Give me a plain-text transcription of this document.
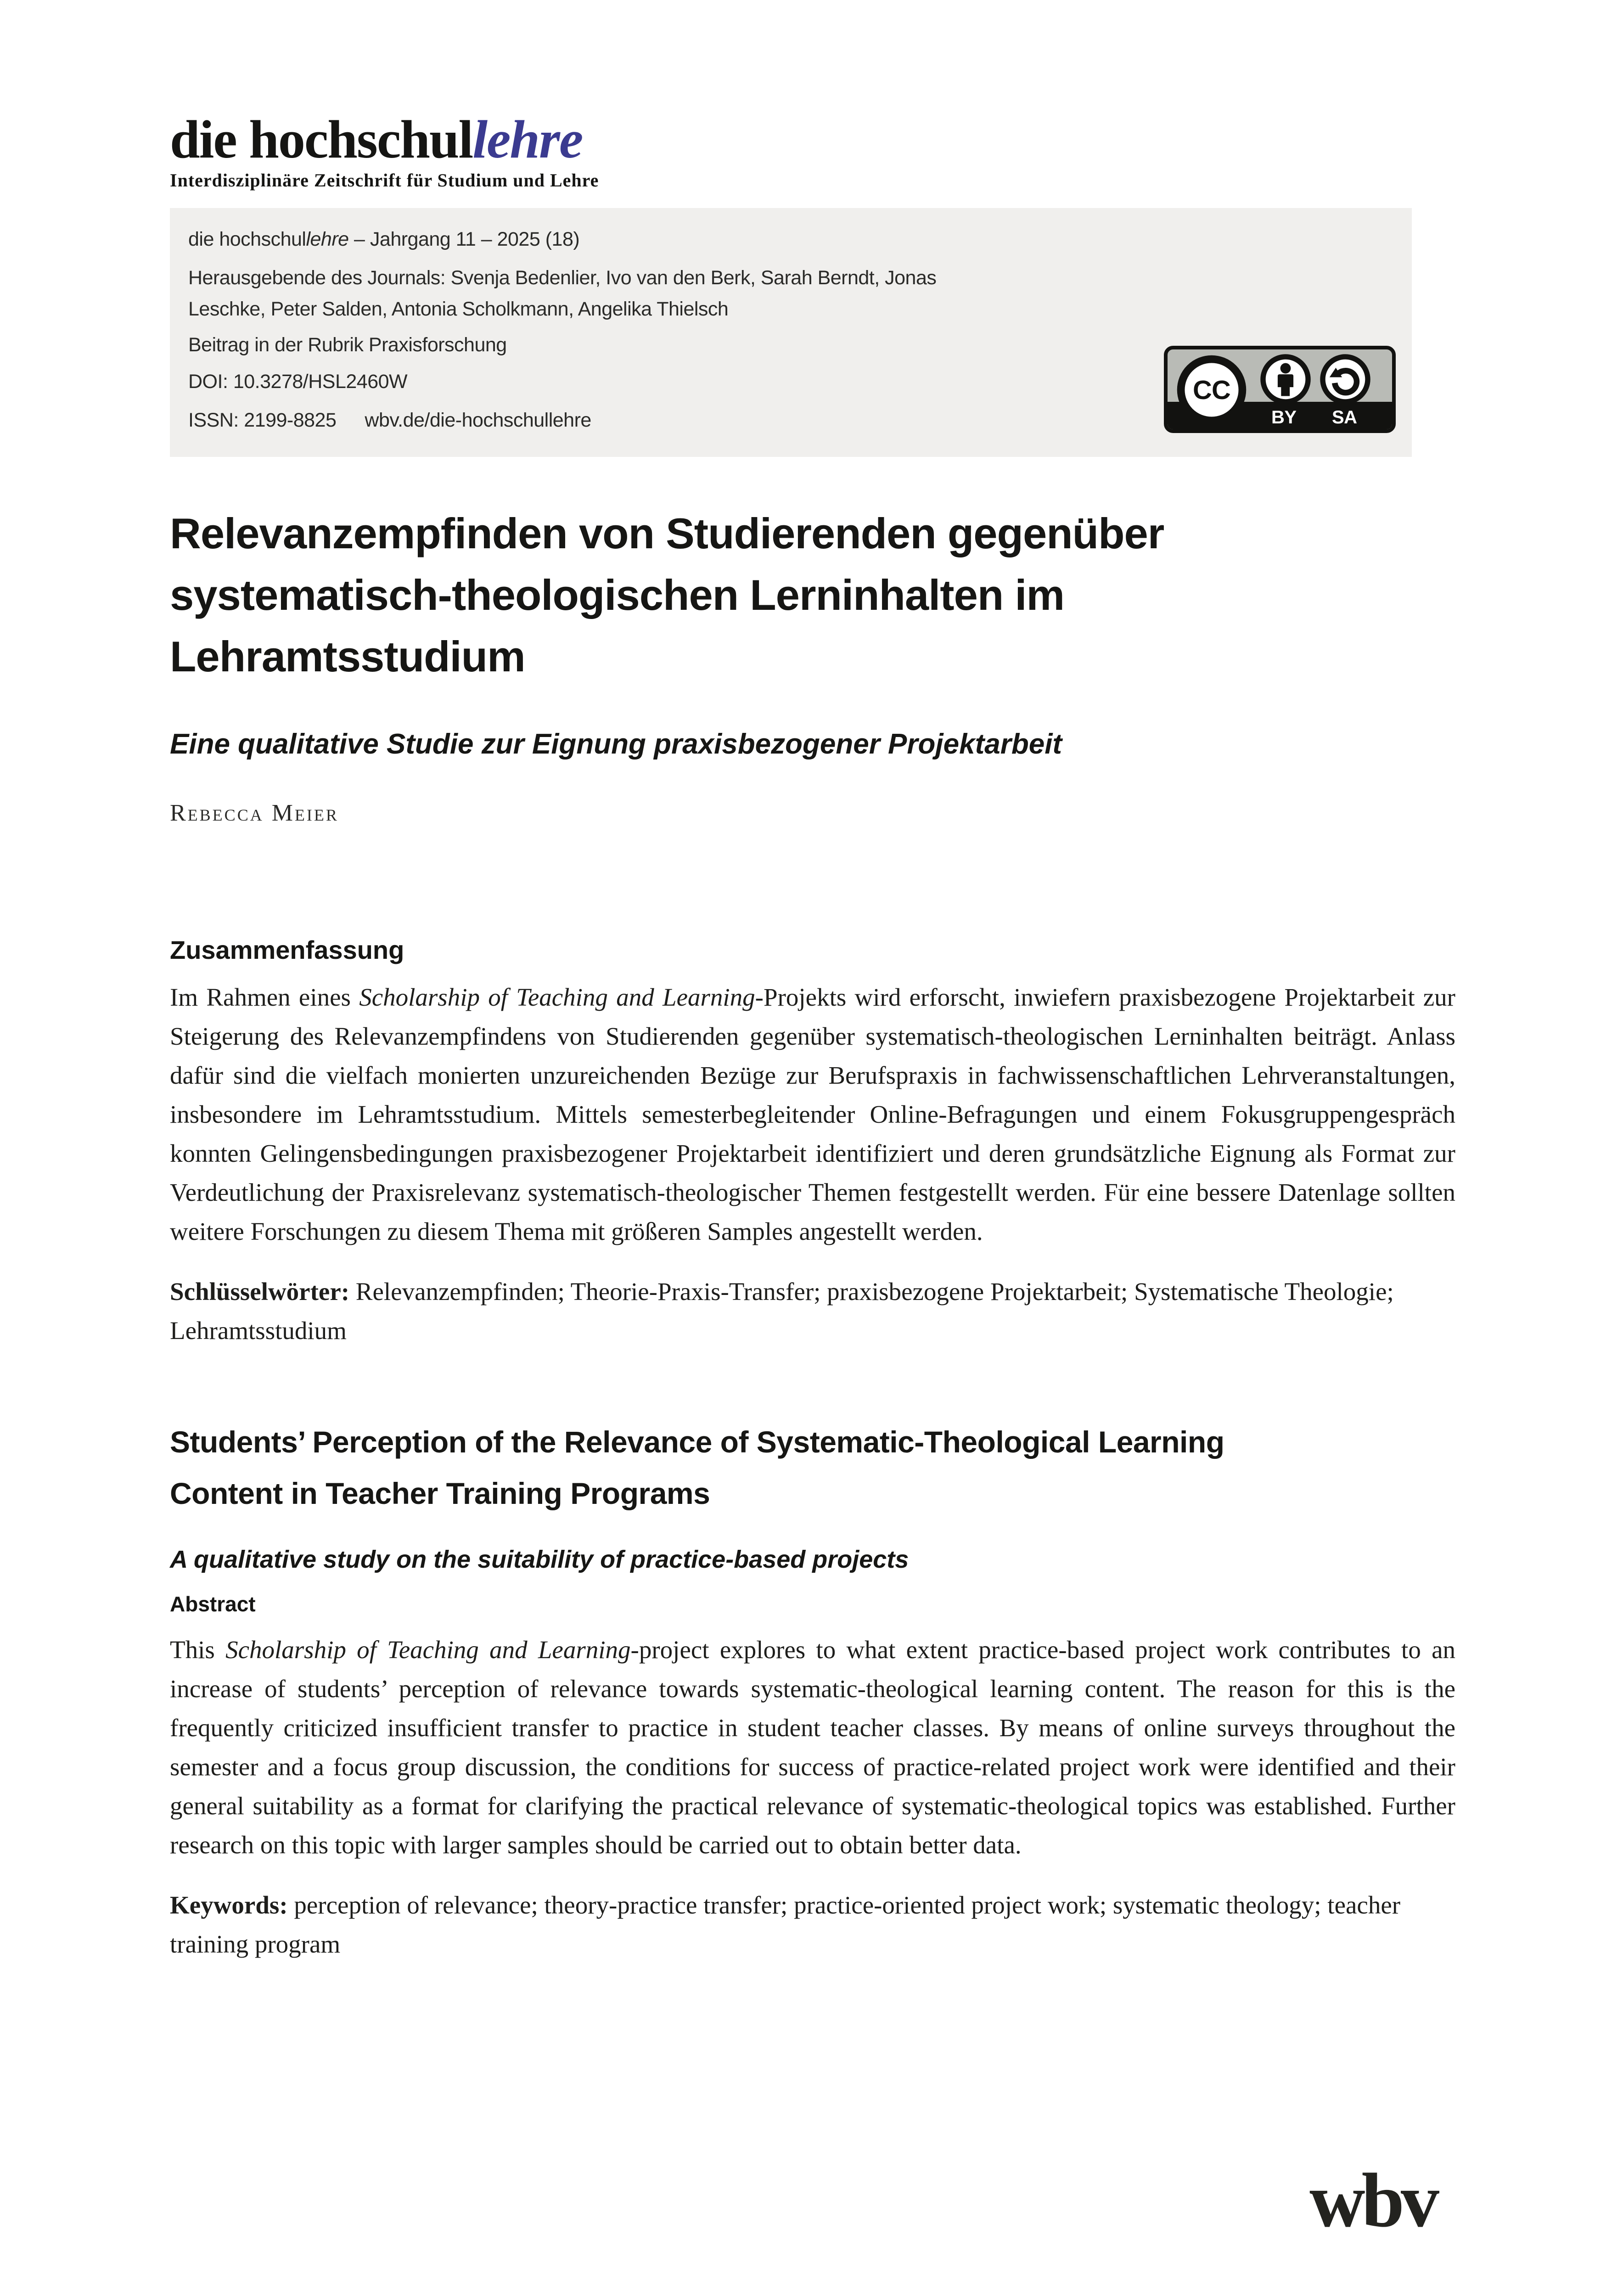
die hochschullehre
Interdisziplinäre Zeitschrift für Studium und Lehre
die hochschullehre – Jahrgang 11 – 2025 (18)
Herausgebende des Journals: Svenja Bedenlier, Ivo van den Berk, Sarah Berndt, Jonas Leschke, Peter Salden, Antonia Scholkmann, Angelika Thielsch
Beitrag in der Rubrik Praxisforschung
DOI: 10.3278/HSL2460W
ISSN: 2199-8825 wbv.de/die-hochschullehre
CC
BY SA
Relevanzempfinden von Studierenden gegenüber
systematisch-theologischen Lerninhalten im
Lehramtsstudium
Eine qualitative Studie zur Eignung praxisbezogener Projektarbeit
Rebecca Meier
Zusammenfassung

Im Rahmen eines Scholarship of Teaching and Learning-Projekts wird erforscht, inwiefern praxisbezogene Projektarbeit zur Steigerung des Relevanzempfindens von Studierenden gegenüber systematisch-theologischen Lerninhalten beiträgt. Anlass dafür sind die vielfach monierten unzureichenden Bezüge zur Berufspraxis in fachwissenschaftlichen Lehrveranstaltungen, insbesondere im Lehramtsstudium. Mittels semesterbegleitender Online-Befragungen und einem Fokusgruppengespräch konnten Gelingensbedingungen praxisbezogener Projektarbeit identifiziert und deren grundsätzliche Eignung als Format zur Verdeutlichung der Praxisrelevanz systematisch-theologischer Themen festgestellt werden. Für eine bessere Datenlage sollten weitere Forschungen zu diesem Thema mit größeren Samples angestellt werden.

Schlüsselwörter: Relevanzempfinden; Theorie-Praxis-Transfer; praxisbezogene Projektarbeit; Systematische Theologie; Lehramtsstudium

Students’ Perception of the Relevance of Systematic-Theological Learning
Content in Teacher Training Programs
A qualitative study on the suitability of practice-based projects
Abstract

This Scholarship of Teaching and Learning-project explores to what extent practice-based project work contributes to an increase of students’ perception of relevance towards systematic-theological learning content. The reason for this is the frequently criticized insufficient transfer to practice in student teacher classes. By means of online surveys throughout the semester and a focus group discussion, the conditions for success of practice-related project work were identified and their general suitability as a format for clarifying the practical relevance of systematic-theological topics was established. Further research on this topic with larger samples should be carried out to obtain better data.

Keywords: perception of relevance; theory-practice transfer; practice-oriented project work; systematic theology; teacher training program

wbv
